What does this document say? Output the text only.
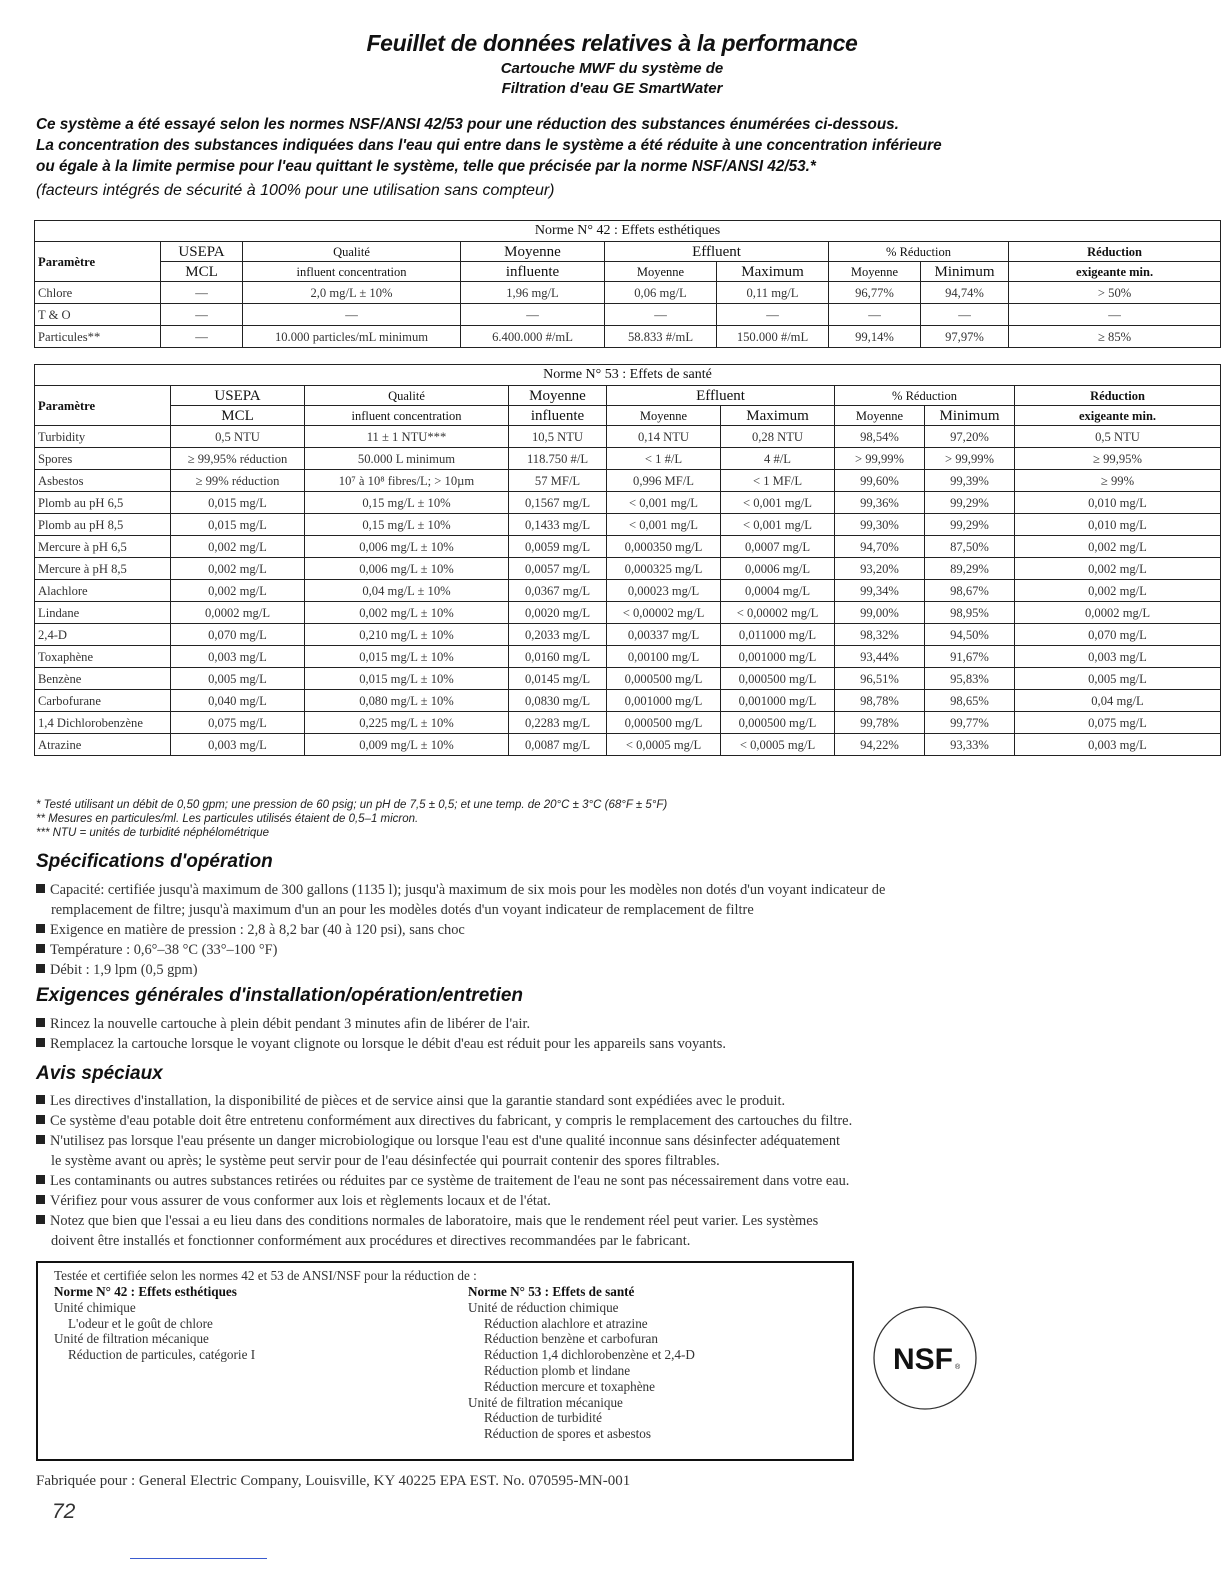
Feuillet de données relatives à la performance
Cartouche MWF du système de
Filtration d'eau GE SmartWater
Ce système a été essayé selon les normes NSF/ANSI 42/53 pour une réduction des substances énumérées ci-dessous.
La concentration des substances indiquées dans l'eau qui entre dans le système a été réduite à une concentration inférieure
ou égale à la limite permise pour l'eau quittant le système, telle que précisée par la norme NSF/ANSI 42/53.*
(facteurs intégrés de sécurité à 100% pour une utilisation sans compteur)
Norme N° 42 : Effets esthétiques								
Paramètre	USEPA	Qualité	Moyenne	Effluent		% Réduction		Réduction
	MCL	influent concentration	influente	Moyenne	Maximum	Moyenne	Minimum	exigeante min.
Chlore	—	2,0 mg/L ± 10%	1,96 mg/L	0,06 mg/L	0,11 mg/L	96,77%	94,74%	> 50%
T & O	—	—	—	—	—	—	—	—
Particules**	—	10.000 particles/mL minimum	6.400.000 #/mL	58.833 #/mL	150.000 #/mL	99,14%	97,97%	≥ 85%
Norme N° 53 : Effets de santé								
Paramètre	USEPA	Qualité	Moyenne	Effluent		% Réduction		Réduction
	MCL	influent concentration	influente	Moyenne	Maximum	Moyenne	Minimum	exigeante min.
Turbidity	0,5 NTU	11 ± 1 NTU***	10,5 NTU	0,14 NTU	0,28 NTU	98,54%	97,20%	0,5 NTU
Spores	≥ 99,95% réduction	50.000 L minimum	118.750 #/L	< 1 #/L	4 #/L	> 99,99%	> 99,99%	≥ 99,95%
Asbestos	≥ 99% réduction	10⁷ à 10⁸ fibres/L; > 10µm	57 MF/L	0,996 MF/L	< 1 MF/L	99,60%	99,39%	≥ 99%
Plomb au pH 6,5	0,015 mg/L	0,15 mg/L ± 10%	0,1567 mg/L	< 0,001 mg/L	< 0,001 mg/L	99,36%	99,29%	0,010 mg/L
Plomb au pH 8,5	0,015 mg/L	0,15 mg/L ± 10%	0,1433 mg/L	< 0,001 mg/L	< 0,001 mg/L	99,30%	99,29%	0,010 mg/L
Mercure à pH 6,5	0,002 mg/L	0,006 mg/L ± 10%	0,0059 mg/L	0,000350 mg/L	0,0007 mg/L	94,70%	87,50%	0,002 mg/L
Mercure à pH 8,5	0,002 mg/L	0,006 mg/L ± 10%	0,0057 mg/L	0,000325 mg/L	0,0006 mg/L	93,20%	89,29%	0,002 mg/L
Alachlore	0,002 mg/L	0,04 mg/L ± 10%	0,0367 mg/L	0,00023 mg/L	0,0004 mg/L	99,34%	98,67%	0,002 mg/L
Lindane	0,0002 mg/L	0,002 mg/L ± 10%	0,0020 mg/L	< 0,00002 mg/L	< 0,00002 mg/L	99,00%	98,95%	0,0002 mg/L
2,4-D	0,070 mg/L	0,210 mg/L ± 10%	0,2033 mg/L	0,00337 mg/L	0,011000 mg/L	98,32%	94,50%	0,070 mg/L
Toxaphène	0,003 mg/L	0,015 mg/L ± 10%	0,0160 mg/L	0,00100 mg/L	0,001000 mg/L	93,44%	91,67%	0,003 mg/L
Benzène	0,005 mg/L	0,015 mg/L ± 10%	0,0145 mg/L	0,000500 mg/L	0,000500 mg/L	96,51%	95,83%	0,005 mg/L
Carbofurane	0,040 mg/L	0,080 mg/L ± 10%	0,0830 mg/L	0,001000 mg/L	0,001000 mg/L	98,78%	98,65%	0,04 mg/L
1,4 Dichlorobenzène	0,075 mg/L	0,225 mg/L ± 10%	0,2283 mg/L	0,000500 mg/L	0,000500 mg/L	99,78%	99,77%	0,075 mg/L
Atrazine	0,003 mg/L	0,009 mg/L ± 10%	0,0087 mg/L	< 0,0005 mg/L	< 0,0005 mg/L	94,22%	93,33%	0,003 mg/L
* Testé utilisant un débit de 0,50 gpm; une pression de 60 psig; un pH de 7,5 ± 0,5; et une temp. de 20°C ± 3°C (68°F ± 5°F)
** Mesures en particules/ml. Les particules utilisés étaient de 0,5–1 micron.
*** NTU = unités de turbidité néphélométrique
Spécifications d'opération
Capacité: certifiée jusqu'à maximum de 300 gallons (1135 l); jusqu'à maximum de six mois pour les modèles non dotés d'un voyant indicateur de
remplacement de filtre; jusqu'à maximum d'un an pour les modèles dotés d'un voyant indicateur de remplacement de filtre
Exigence en matière de pression : 2,8 à 8,2 bar (40 à 120 psi), sans choc
Température : 0,6°–38 °C (33°–100 °F)
Débit : 1,9 lpm (0,5 gpm)
Exigences générales d'installation/opération/entretien
Rincez la nouvelle cartouche à plein débit pendant 3 minutes afin de libérer de l'air.
Remplacez la cartouche lorsque le voyant clignote ou lorsque le débit d'eau est réduit pour les appareils sans voyants.
Avis spéciaux
Les directives d'installation, la disponibilité de pièces et de service ainsi que la garantie standard sont expédiées avec le produit.
Ce système d'eau potable doit être entretenu conformément aux directives du fabricant, y compris le remplacement des cartouches du filtre.
N'utilisez pas lorsque l'eau présente un danger microbiologique ou lorsque l'eau est d'une qualité inconnue sans désinfecter adéquatement
le système avant ou après; le système peut servir pour de l'eau désinfectée qui pourrait contenir des spores filtrables.
Les contaminants ou autres substances retirées ou réduites par ce système de traitement de l'eau ne sont pas nécessairement dans votre eau.
Vérifiez pour vous assurer de vous conformer aux lois et règlements locaux et de l'état.
Notez que bien que l'essai a eu lieu dans des conditions normales de laboratoire, mais que le rendement réel peut varier. Les systèmes
doivent être installés et fonctionner conformément aux procédures et directives recommandées par le fabricant.
Testée et certifiée selon les normes 42 et 53 de ANSI/NSF pour la réduction de :
Norme N° 42 : Effets esthétiques
Unité chimique
L'odeur et le goût de chlore
Unité de filtration mécanique
Réduction de particules, catégorie I
Norme N° 53 : Effets de santé
Unité de réduction chimique
Réduction alachlore et atrazine
Réduction benzène et carbofuran
Réduction 1,4 dichlorobenzène et 2,4-D
Réduction plomb et lindane
Réduction mercure et toxaphène
Unité de filtration mécanique
Réduction de turbidité
Réduction de spores et asbestos
NSF ®
Fabriquée pour : General Electric Company, Louisville, KY 40225 EPA EST. No. 070595-MN-001
72
